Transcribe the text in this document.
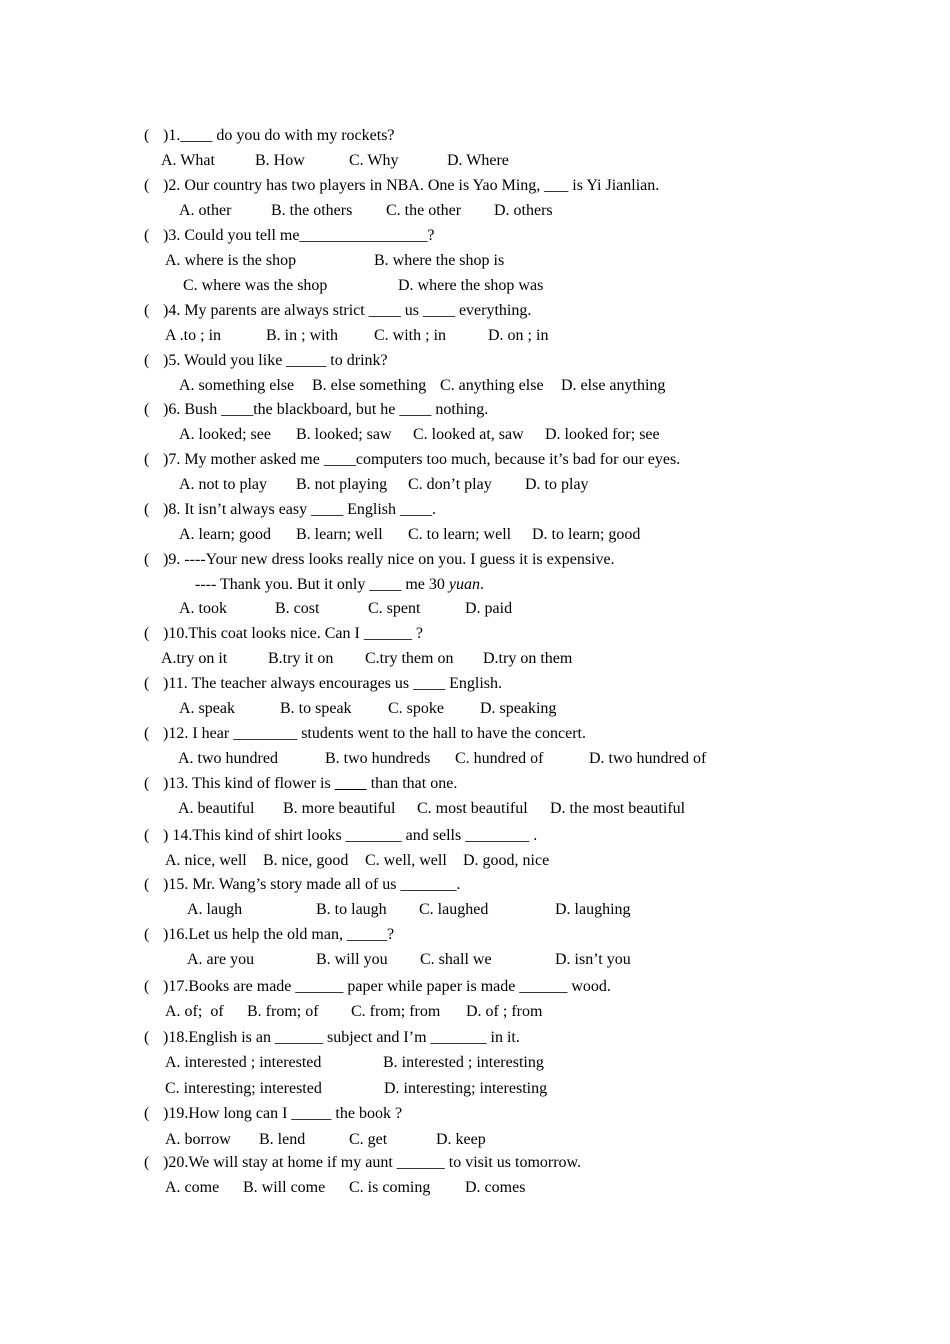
( )1.____ do you do with my rockets?
A. What	B. How	C. Why	D. Where
( )2. Our country has two players in NBA. One is Yao Ming, ___ is Yi Jianlian.
A. other B. the others C. the other D. others
( )3. Could you tell me________________?
A. where is the shop	B. where the shop is
C. where was the shop	D. where the shop was
( )4. My parents are always strict ____ us ____ everything.
A .to ; in	B. in ; with C. with ; in	D. on ; in
( )5. Would you like _____ to drink?
A. something else B. else something C. anything else D. else anything
( )6. Bush ____the blackboard, but he ____ nothing.
A. looked; see B. looked; saw C. looked at, saw D. looked for; see
( )7. My mother asked me ____computers too much, because it’s bad for our eyes.
A. not to play B. not playing C. don’t play D. to play
( )8. It isn’t always easy ____ English ____.
A. learn; good B. learn; well C. to learn; well D. to learn; good
( )9. ----Your new dress looks really nice on you. I guess it is expensive.
---- Thank you. But it only ____ me 30 yuan.
A. took	B. cost	C. spent	D. paid
( )10.This coat looks nice. Can I ______ ?
A.try on it	B.try it on C.try them on D.try on them
( )11. The teacher always encourages us ____ English.
A. speak	B. to speak C. spoke D. speaking
( )12. I hear ________ students went to the hall to have the concert.
A. two hundred	B. two hundreds C. hundred of	D. two hundred of
( )13. This kind of flower is          than that one.
A. beautiful B. more beautiful C. most beautiful D. the most beautiful
( ) 14.This kind of shirt looks _______ and sells ________ .
A. nice, well B. nice, good C. well, well D. good, nice
( )15. Mr. Wang’s story made all of us _______.
A. laugh	B. to laugh C. laughed	D. laughing
( )16.Let us help the old man, _____?
A. are you	B. will you C. shall we	D. isn’t you
( )17.Books are made ______ paper while paper is made ______ wood.
A. of;  of B. from; of C. from; from D. of ; from
( )18.English is an ______ subject and I’m _______ in it.
A. interested ; interested	B. interested ; interesting
C. interesting; interested	D. interesting; interesting
( )19.How long can I _____ the book ?
A. borrow B. lend	C. get	D. keep
( )20.We will stay at home if my aunt ______ to visit us tomorrow.
A. come B. will come C. is coming D. comes
